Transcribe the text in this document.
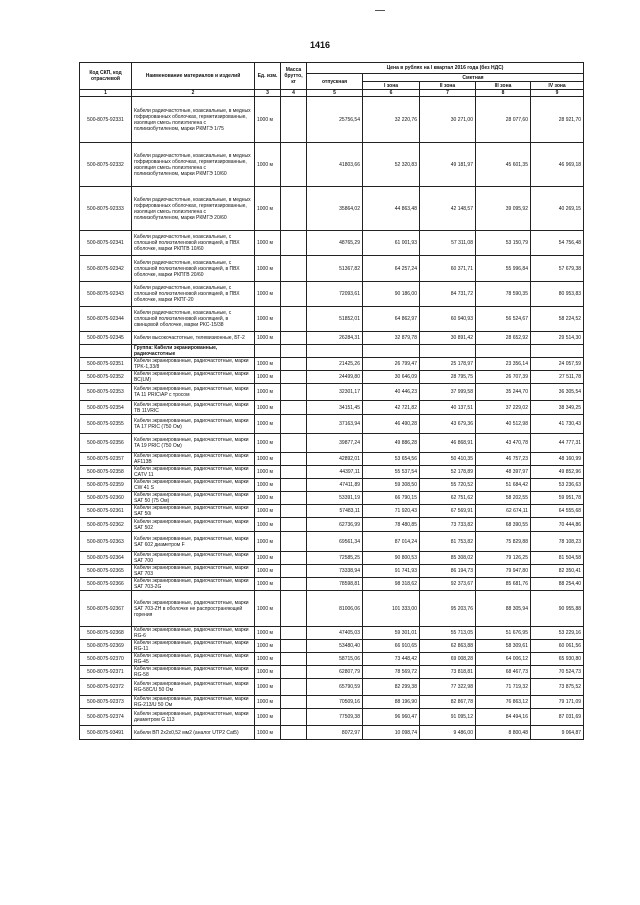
1416
Код СКП, код отраслевой	Наименование материалов и изделий	Ед. изм.	Масса брутто, кг	Цена в рублях на I квартал 2016 года (без НДС)				
				отпускная	Сметная			
					I зона	II зона	III зона	IV зона
1	2	3	4	5	6	7	8	9
500-8075-92331	Кабели радиочастотные, коаксиальные, в медных гофрированных оболочках, герметизированные, изоляция смесь полиэтилена с полиизобутиленом, марки РКМГЭ 1/75	1000 м		25756,54	32 220,76	30 271,00	28 077,60	28 921,70
500-8075-92332	Кабели радиочастотные, коаксиальные, в медных гофрированных оболочках, герметизированные, изоляция смесь полиэтилена с полиизобутиленом, марки РКМГЭ 10/60	1000 м		41803,66	52 320,83	49 181,97	45 601,35	46 969,18
500-8075-92333	Кабели радиочастотные, коаксиальные, в медных гофрированных оболочках, герметизированные, изоляция смесь полиэтилена с полиизобутиленом, марки РКМГЭ 20/60	1000 м		35864,02	44 863,48	42 148,57	39 095,92	40 269,15
500-8075-92341	Кабели радиочастотные, коаксиальные, с сплошной полиэтиленовой изоляцией, в ПВХ оболочке, марки РКПГВ 10/60	1000 м		48765,29	61 001,93	57 311,08	53 150,79	54 756,48
500-8075-92342	Кабели радиочастотные, коаксиальные, с сплошной полиэтиленовой изоляцией, в ПВХ оболочке, марки РКПГВ 20/60	1000 м		51367,82	64 257,24	60 371,71	55 996,84	57 679,38
500-8075-92343	Кабели радиочастотные, коаксиальные, с сплошной полиэтиленовой изоляцией, в ПВХ оболочке, марки РКПГ-20	1000 м		72093,61	90 186,00	84 731,72	78 590,35	80 953,83
500-8075-92344	Кабели радиочастотные, коаксиальные, с сплошной полиэтиленовой изоляцией, в свинцовой оболочке, марки РКС-15/38	1000 м		51852,01	64 862,97	60 940,93	56 524,67	58 224,52
500-8075-92345	Кабели высокочастотные, телевизионные, БТ-2	1000 м		26284,31	32 879,78	30 891,42	28 652,92	29 514,30
	Группа: Кабели экранированные, радиочастотные							
500-8075-92351	Кабели экранированные, радиочастотные, марки TPK-1,33/8	1000 м		21425,26	26 799,47	25 178,97	23 356,14	24 057,59
500-8075-92352	Кабели экранированные, радиочастотные, марки ВС(LM)	1000 м		24499,80	30 646,09	28 795,75	26 707,39	27 511,78
500-8075-92353	Кабели экранированные, радиочастотные, марки TA 11 PRIC\AP с тросом	1000 м		32301,17	40 446,23	37 999,58	35 244,70	36 305,54
500-8075-92354	Кабели экранированные, радиочастотные, марки TB 11VRIC	1000 м		34151,45	42 721,82	40 137,51	37 229,02	38 349,25
500-8075-92355	Кабели экранированные, радиочастотные, марки TA 17 PRIC (750 Ом)	1000 м		37163,94	46 490,28	43 679,36	40 512,98	41 730,43
500-8075-92356	Кабели экранированные, радиочастотные, марки TA 19 PRIC (750 Ом)	1000 м		39877,24	49 886,28	46 868,91	43 470,78	44 777,31
500-8075-92357	Кабели экранированные, радиочастотные, марки AF113B	1000 м		42892,01	53 654,56	50 410,35	46 757,23	48 160,99
500-8075-92358	Кабели экранированные, радиочастотные, марки CATV 11	1000 м		44397,11	55 537,54	52 178,89	48 397,97	49 852,96
500-8075-92359	Кабели экранированные, радиочастотные, марки CW 41 S	1000 м		47411,89	59 308,50	55 720,52	51 684,42	53 236,63
500-8075-92360	Кабели экранированные, радиочастотные, марки SAT 50 (75 Ом)	1000 м		53391,19	66 790,15	62 751,62	58 202,55	59 951,78
500-8075-92361	Кабели экранированные, радиочастотные, марки SAT 50i	1000 м		57483,11	71 920,43	67 569,91	62 674,11	64 555,68
500-8075-92362	Кабели экранированные, радиочастотные, марки SAT 502	1000 м		62736,99	78 480,85	73 733,82	68 390,55	70 444,86
500-8075-92363	Кабели экранированные, радиочастотные, марки SAT 602 диаметром F	1000 м		69561,34	87 014,24	81 753,82	75 829,88	78 108,23
500-8075-92364	Кабели экранированные, радиочастотные, марки SAT 700	1000 м		72585,25	90 800,53	85 308,02	79 126,25	81 504,58
500-8075-92365	Кабели экранированные, радиочастотные, марки SAT 703	1000 м		73338,94	91 741,93	86 194,73	79 947,80	82 350,41
500-8075-92366	Кабели экранированные, радиочастотные, марки SAT 703-2G	1000 м		78598,81	98 318,62	92 373,67	85 681,76	88 254,40
500-8075-92367	Кабели экранированные, радиочастотные, марки SAT 703-ZH в оболочке не распространяющей горения	1000 м		81006,06	101 333,00	95 203,76	88 305,94	90 955,88
500-8075-92368	Кабели экранированные, радиочастотные, марки RG-6	1000 м		47405,03	59 301,01	55 713,05	51 676,95	53 229,16
500-8075-92369	Кабели экранированные, радиочастотные, марки RG-11	1000 м		53480,40	66 910,65	62 863,88	58 309,61	60 061,56
500-8075-92370	Кабели экранированные, радиочастотные, марки RG-45	1000 м		58715,06	73 448,42	69 008,28	64 006,12	65 930,80
500-8075-92371	Кабели экранированные, радиочастотные, марки RG-58	1000 м		62807,79	78 569,72	73 818,81	68 467,73	70 524,73
500-8075-92372	Кабели экранированные, радиочастотные, марки RG-58C/U 50 Ом	1000 м		65790,59	82 299,38	77 322,98	71 719,32	73 875,52
500-8075-92373	Кабели экранированные, радиочастотные, марки RG-213/U 50 Ом	1000 м		70509,16	88 196,90	82 867,78	76 863,12	79 171,09
500-8075-92374	Кабели экранированные, радиочастотные, марки диаметром G 113	1000 м		77509,38	96 960,47	91 095,12	84 494,16	87 031,69
500-8075-93491	Кабели ВП 2х2х0,52 мм2 (аналог UTP2 Cat5)	1000 м		8072,97	10 098,74	9 486,00	8 800,48	9 064,87
